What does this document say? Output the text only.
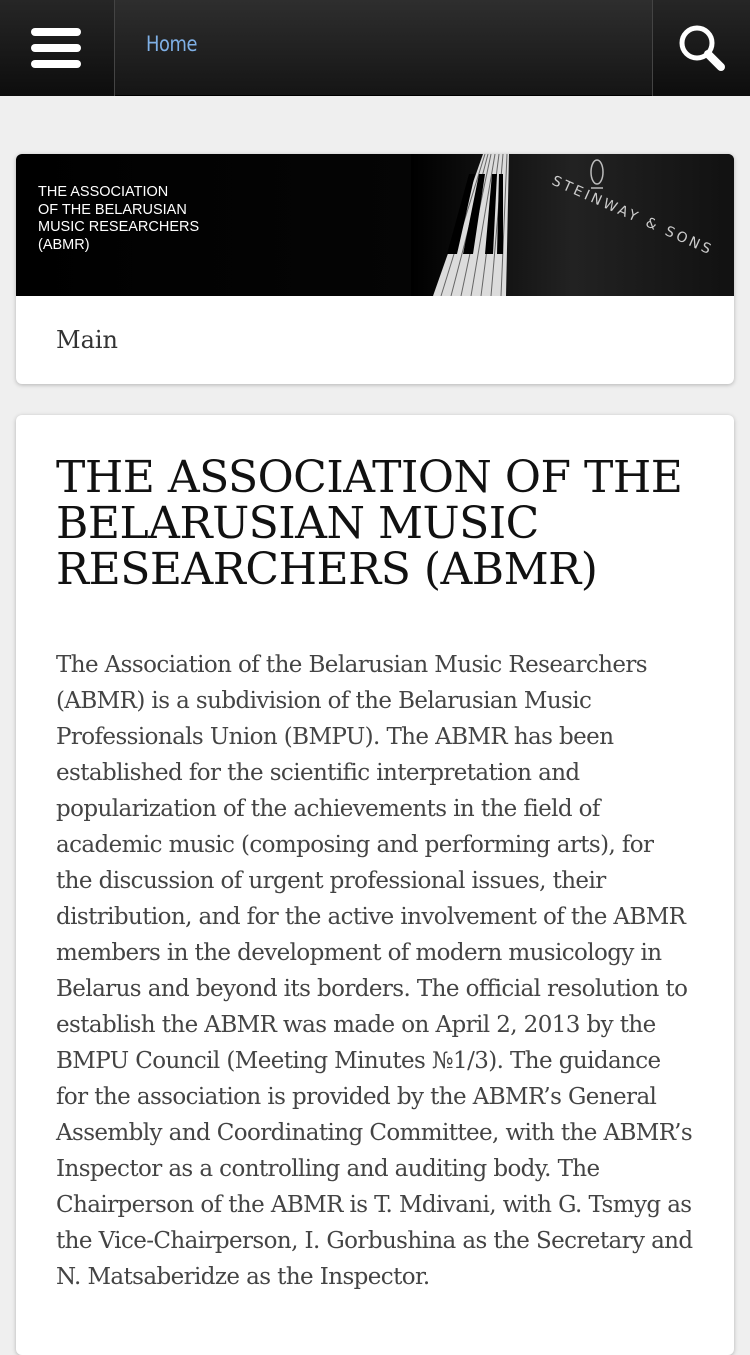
Home
THE ASSOCIATION
OF THE BELARUSIAN
MUSIC RESEARCHERS
(ABMR)	STEINWAY & SONS
Main
THE ASSOCIATION OF THE BELARUSIAN MUSIC RESEARCHERS (ABMR)

The Association of the Belarusian Music Researchers (ABMR) is a subdivision of the Belarusian Music Professionals Union (BMPU). The ABMR has been established for the scientific interpretation and popularization of the achievements in the field of academic music (composing and performing arts), for the discussion of urgent professional issues, their distribution, and for the active involvement of the ABMR members in the development of modern musicology in Belarus and beyond its borders. The official resolution to establish the ABMR was made on April 2, 2013 by the BMPU Council (Meeting Minutes №1/3). The guidance for the association is provided by the ABMR’s General Assembly and Coordinating Committee, with the ABMR’s Inspector as a controlling and auditing body. The Chairperson of the ABMR is T. Mdivani, with G. Tsmyg as the Vice-Chairperson, I. Gorbushina as the Secretary and N. Matsaberidze as the Inspector.
